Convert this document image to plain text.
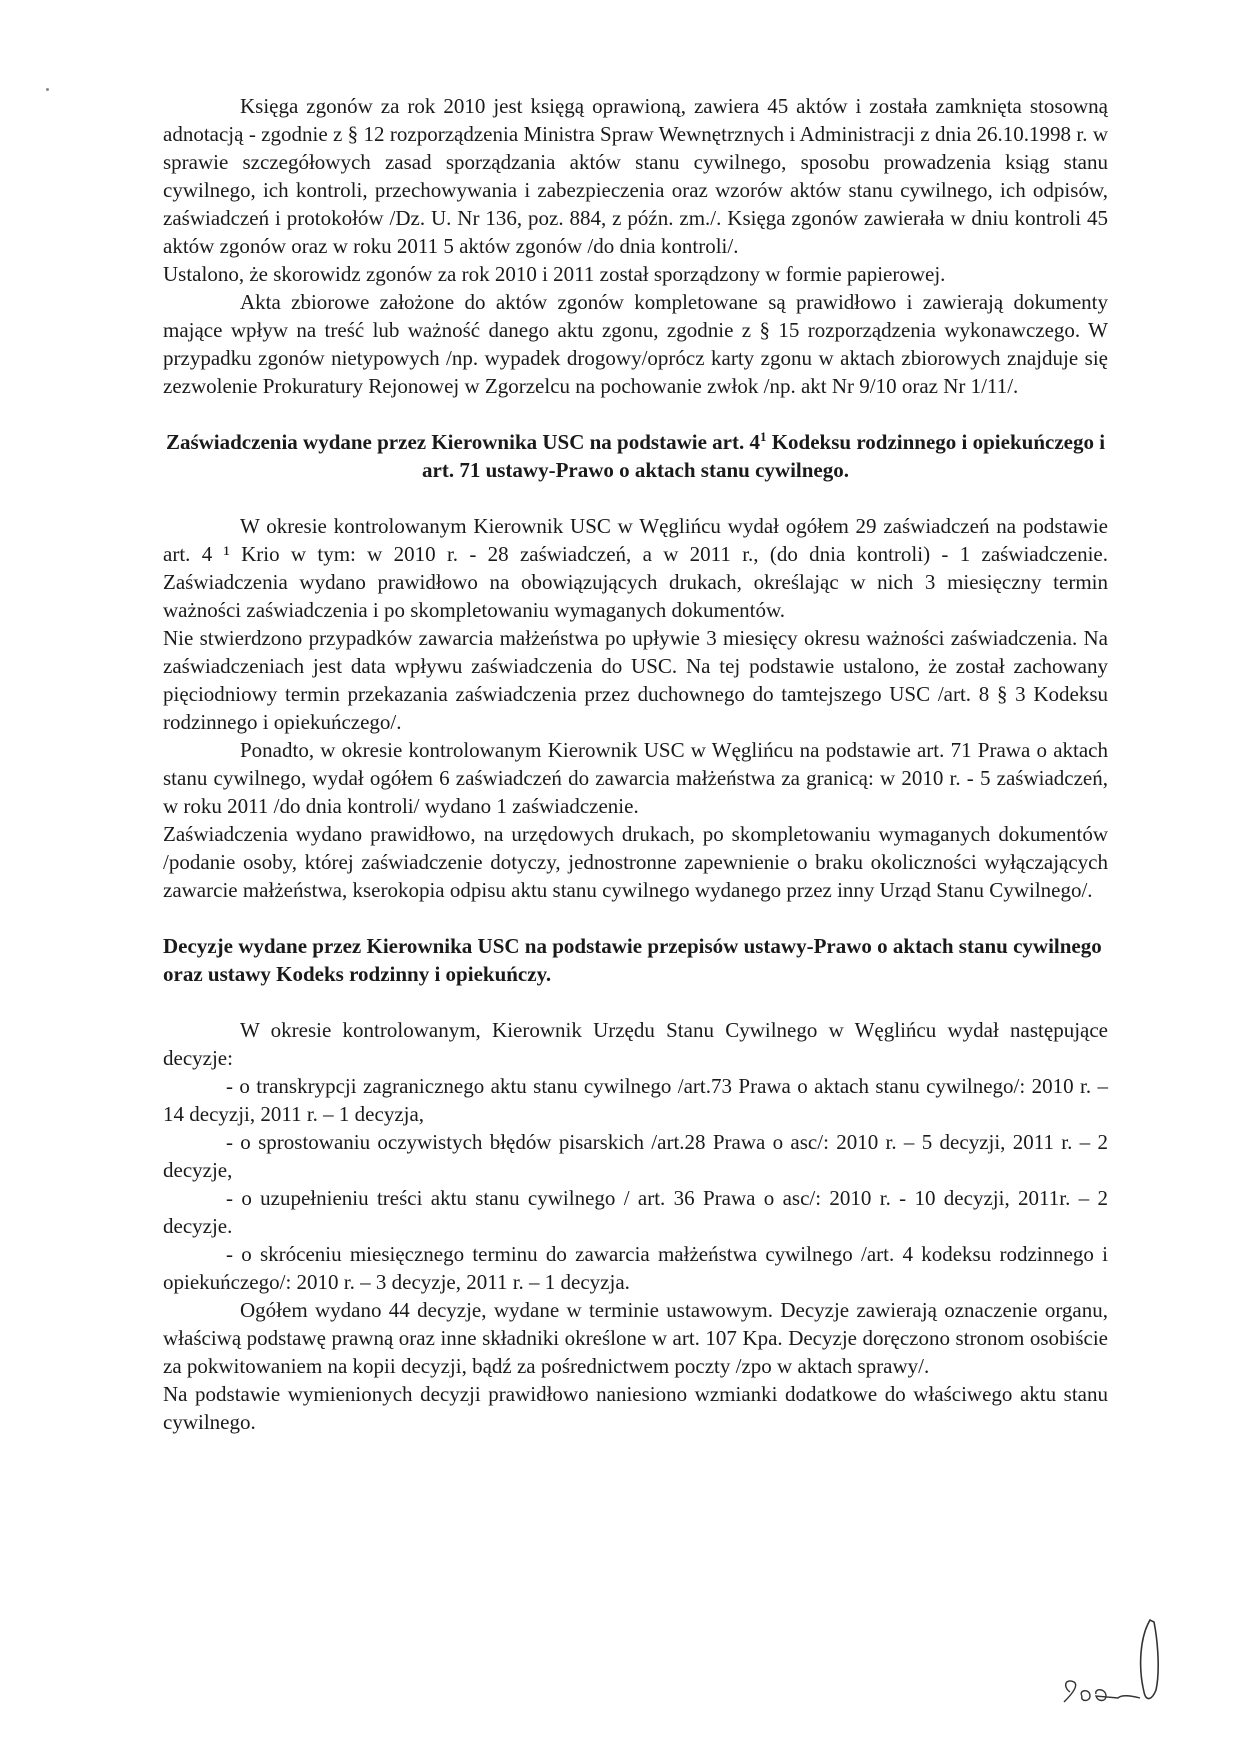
Księga zgonów za rok 2010 jest księgą oprawioną, zawiera 45 aktów i została zamknięta stosowną adnotacją - zgodnie z § 12 rozporządzenia Ministra Spraw Wewnętrznych i Administracji z dnia 26.10.1998 r. w sprawie szczegółowych zasad sporządzania aktów stanu cywilnego, sposobu prowadzenia ksiąg stanu cywilnego, ich kontroli, przechowywania i zabezpieczenia oraz wzorów aktów stanu cywilnego, ich odpisów, zaświadczeń i protokołów /Dz. U. Nr 136, poz. 884, z późn. zm./. Księga zgonów zawierała w dniu kontroli 45 aktów zgonów oraz w roku 2011 5 aktów zgonów /do dnia kontroli/.

Ustalono, że skorowidz zgonów za rok 2010 i 2011 został sporządzony w formie papierowej.

Akta zbiorowe założone do aktów zgonów kompletowane są prawidłowo i zawierają dokumenty mające wpływ na treść lub ważność danego aktu zgonu, zgodnie z § 15 rozporządzenia wykonawczego. W przypadku zgonów nietypowych /np. wypadek drogowy/oprócz karty zgonu w aktach zbiorowych znajduje się zezwolenie Prokuratury Rejonowej w Zgorzelcu na pochowanie zwłok /np. akt Nr 9/10 oraz Nr 1/11/.

Zaświadczenia wydane przez Kierownika USC na podstawie art. $4^1$ Kodeksu rodzinnego i opiekuńczego i art. 71 ustawy-Prawo o aktach stanu cywilnego.

W okresie kontrolowanym Kierownik USC w Węglińcu wydał ogółem 29 zaświadczeń na podstawie art. 4 ¹ Krio w tym: w 2010 r. - 28 zaświadczeń, a w 2011 r., (do dnia kontroli) - 1 zaświadczenie. Zaświadczenia wydano prawidłowo na obowiązujących drukach, określając w nich 3 miesięczny termin ważności zaświadczenia i po skompletowaniu wymaganych dokumentów.

Nie stwierdzono przypadków zawarcia małżeństwa po upływie 3 miesięcy okresu ważności zaświadczenia. Na zaświadczeniach jest data wpływu zaświadczenia do USC. Na tej podstawie ustalono, że został zachowany pięciodniowy termin przekazania zaświadczenia przez duchownego do tamtejszego USC /art. 8 § 3 Kodeksu rodzinnego i opiekuńczego/.

Ponadto, w okresie kontrolowanym Kierownik USC w Węglińcu na podstawie art. 71 Prawa o aktach stanu cywilnego, wydał ogółem 6 zaświadczeń do zawarcia małżeństwa za granicą: w 2010 r. - 5 zaświadczeń, w roku 2011 /do dnia kontroli/ wydano 1 zaświadczenie.

Zaświadczenia wydano prawidłowo, na urzędowych drukach, po skompletowaniu wymaganych dokumentów /podanie osoby, której zaświadczenie dotyczy, jednostronne zapewnienie o braku okoliczności wyłączających zawarcie małżeństwa, kserokopia odpisu aktu stanu cywilnego wydanego przez inny Urząd Stanu Cywilnego/.

Decyzje wydane przez Kierownika USC na podstawie przepisów ustawy-Prawo o aktach stanu cywilnego oraz ustawy Kodeks rodzinny i opiekuńczy.

W okresie kontrolowanym, Kierownik Urzędu Stanu Cywilnego w Węglińcu wydał następujące decyzje:

- o transkrypcji zagranicznego aktu stanu cywilnego /art.73 Prawa o aktach stanu cywilnego/: 2010 r. – 14 decyzji, 2011 r. – 1 decyzja,

- o sprostowaniu oczywistych błędów pisarskich /art.28 Prawa o asc/: 2010 r. – 5 decyzji, 2011 r. – 2 decyzje,

- o uzupełnieniu treści aktu stanu cywilnego / art. 36 Prawa o asc/: 2010 r. - 10 decyzji, 2011r. – 2 decyzje.

- o skróceniu miesięcznego terminu do zawarcia małżeństwa cywilnego /art. 4 kodeksu rodzinnego i opiekuńczego/: 2010 r. – 3 decyzje, 2011 r. – 1 decyzja.

Ogółem wydano 44 decyzje, wydane w terminie ustawowym. Decyzje zawierają oznaczenie organu, właściwą podstawę prawną oraz inne składniki określone w art. 107 Kpa. Decyzje doręczono stronom osobiście za pokwitowaniem na kopii decyzji, bądź za pośrednictwem poczty /zpo w aktach sprawy/.

Na podstawie wymienionych decyzji prawidłowo naniesiono wzmianki dodatkowe do właściwego aktu stanu cywilnego.
